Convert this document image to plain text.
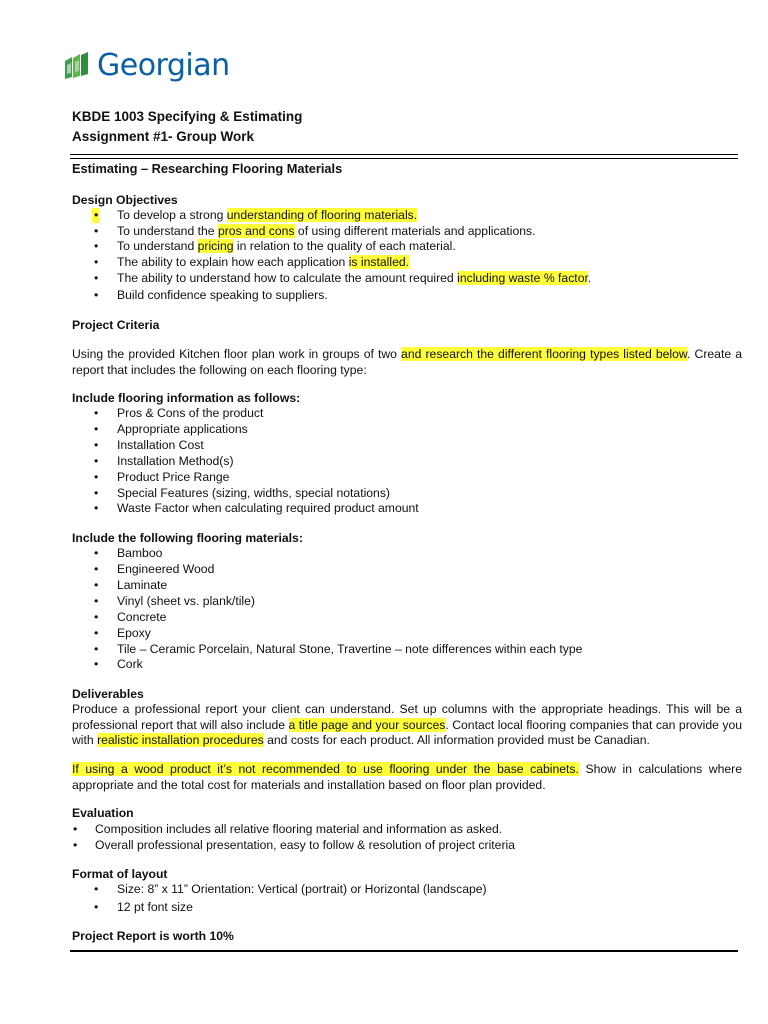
Georgian
KBDE 1003 Specifying & Estimating
Assignment #1- Group Work
Estimating – Researching Flooring Materials
Design Objectives
• To develop a strong understanding of flooring materials.
• To understand the pros and cons of using different materials and applications.
• To understand pricing in relation to the quality of each material.
• The ability to explain how each application is installed.
• The ability to understand how to calculate the amount required including waste % factor.
• Build confidence speaking to suppliers.
Project Criteria
Using the provided Kitchen floor plan work in groups of two and research the different flooring types listed below. Create a report that includes the following on each flooring type:
Include flooring information as follows:
• Pros & Cons of the product
• Appropriate applications
• Installation Cost
• Installation Method(s)
• Product Price Range
• Special Features (sizing, widths, special notations)
• Waste Factor when calculating required product amount
Include the following flooring materials:
• Bamboo
• Engineered Wood
• Laminate
• Vinyl (sheet vs. plank/tile)
• Concrete
• Epoxy
• Tile – Ceramic Porcelain, Natural Stone, Travertine – note differences within each type
• Cork
Deliverables
Produce a professional report your client can understand. Set up columns with the appropriate headings. This will be a professional report that will also include a title page and your sources. Contact local flooring companies that can provide you with realistic installation procedures and costs for each product. All information provided must be Canadian.
If using a wood product it’s not recommended to use flooring under the base cabinets. Show in calculations where appropriate and the total cost for materials and installation based on floor plan provided.
Evaluation
• Composition includes all relative flooring material and information as asked.
• Overall professional presentation, easy to follow & resolution of project criteria
Format of layout
• Size: 8” x 11” Orientation: Vertical (portrait) or Horizontal (landscape)
• 12 pt font size
Project Report is worth 10%
